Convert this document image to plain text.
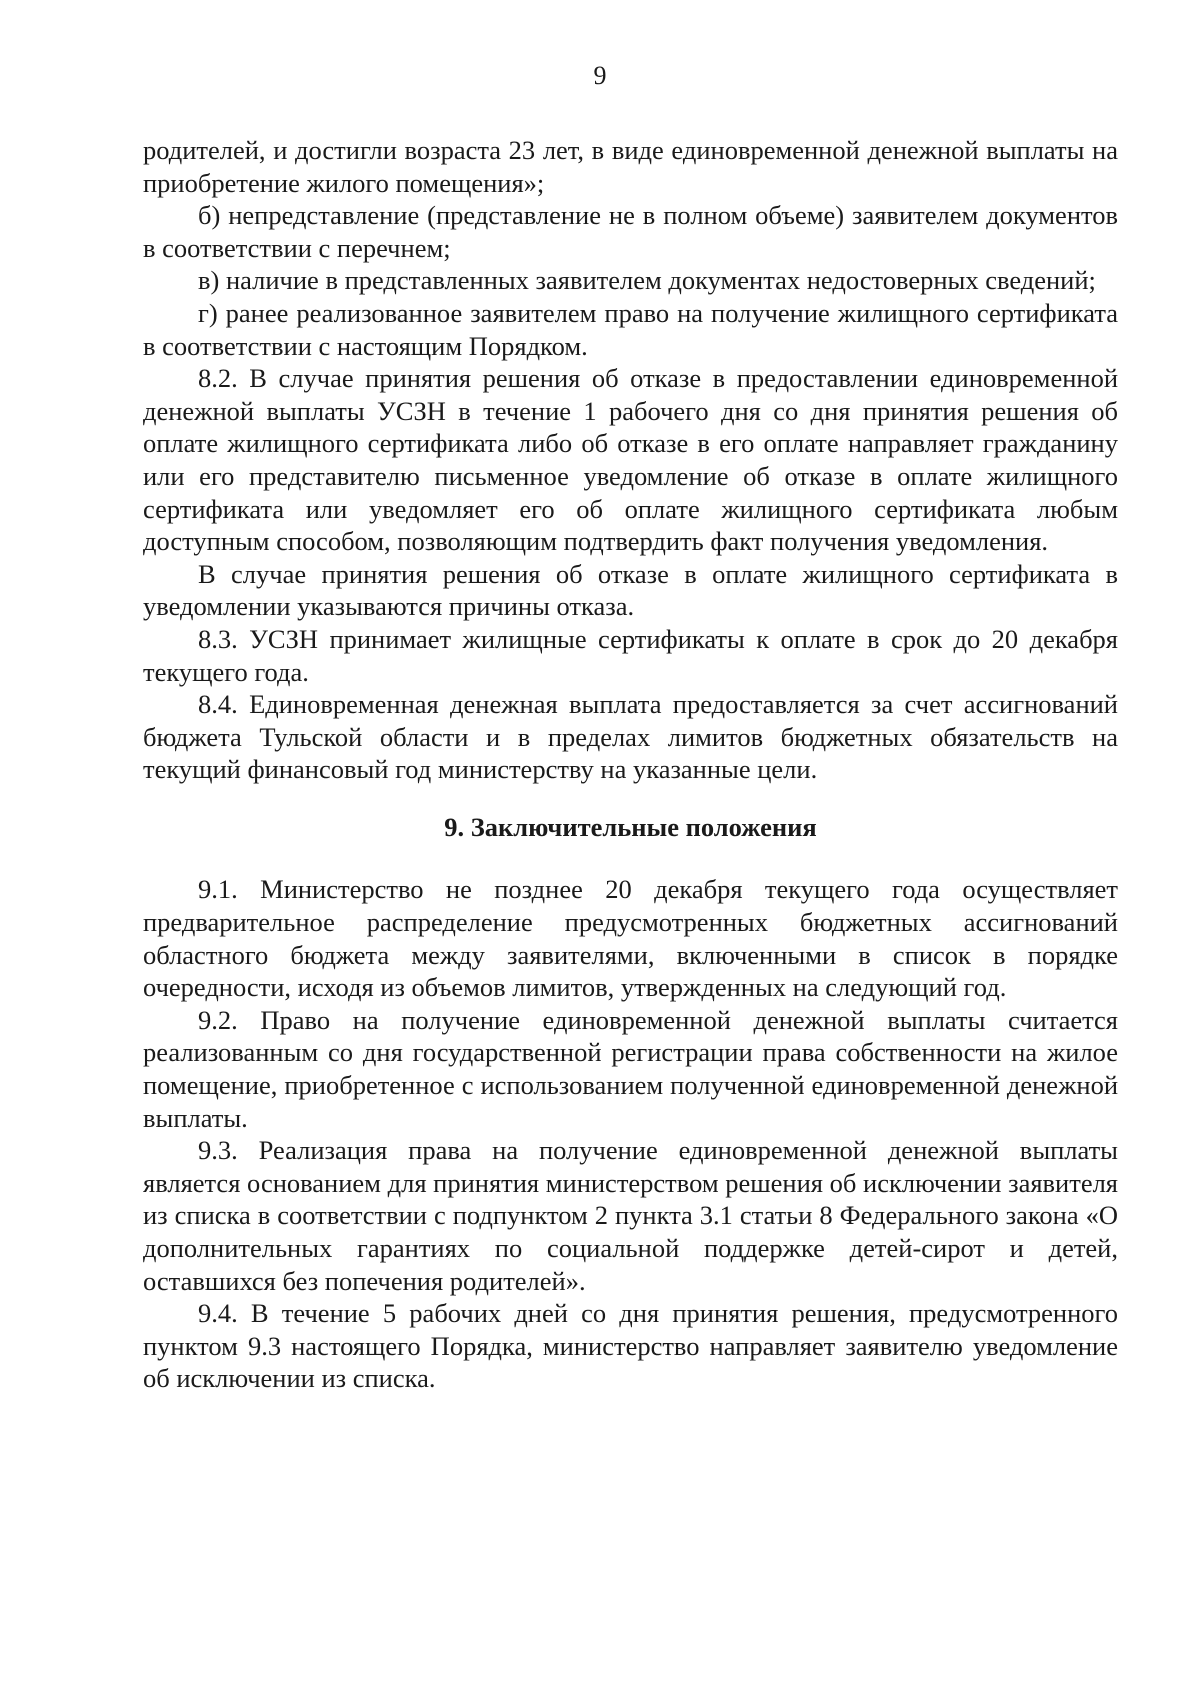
9

родителей, и достигли возраста 23 лет, в виде единовременной денежной выплаты на приобретение жилого помещения»;

б) непредставление (представление не в полном объеме) заявителем документов в соответствии с перечнем;

в) наличие в представленных заявителем документах недостоверных сведений;

г) ранее реализованное заявителем право на получение жилищного сертификата в соответствии с настоящим Порядком.

8.2. В случае принятия решения об отказе в предоставлении единовременной денежной выплаты УСЗН в течение 1 рабочего дня со дня принятия решения об оплате жилищного сертификата либо об отказе в его оплате направляет гражданину или его представителю письменное уведомление об отказе в оплате жилищного сертификата или уведомляет его об оплате жилищного сертификата любым доступным способом, позволяющим подтвердить факт получения уведомления.

В случае принятия решения об отказе в оплате жилищного сертификата в уведомлении указываются причины отказа.

8.3. УСЗН принимает жилищные сертификаты к оплате в срок до 20 декабря текущего года.

8.4. Единовременная денежная выплата предоставляется за счет ассигнований бюджета Тульской области и в пределах лимитов бюджетных обязательств на текущий финансовый год министерству на указанные цели.

9. Заключительные положения

9.1. Министерство не позднее 20 декабря текущего года осуществляет предварительное распределение предусмотренных бюджетных ассигнований областного бюджета между заявителями, включенными в список в порядке очередности, исходя из объемов лимитов, утвержденных на следующий год.

9.2. Право на получение единовременной денежной выплаты считается реализованным со дня государственной регистрации права собственности на жилое помещение, приобретенное с использованием полученной единовременной денежной выплаты.

9.3. Реализация права на получение единовременной денежной выплаты является основанием для принятия министерством решения об исключении заявителя из списка в соответствии с подпунктом 2 пункта 3.1 статьи 8 Федерального закона «О дополнительных гарантиях по социальной поддержке детей-сирот и детей, оставшихся без попечения родителей».

9.4. В течение 5 рабочих дней со дня принятия решения, предусмотренного пунктом 9.3 настоящего Порядка, министерство направляет заявителю уведомление об исключении из списка.
